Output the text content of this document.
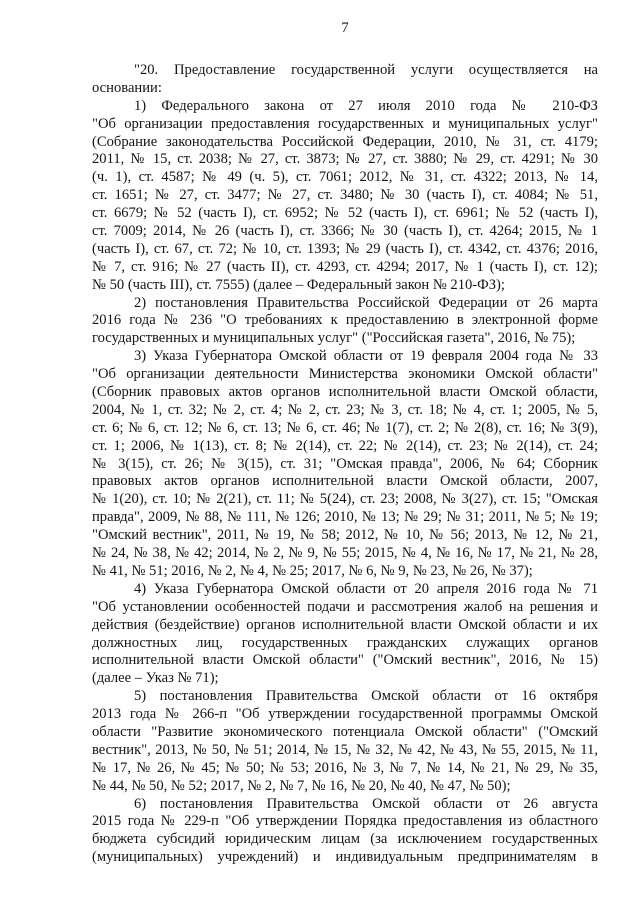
7
"20. Предоставление государственной услуги осуществляется на
основании:
1) Федерального закона от 27 июля 2010 года № 210-ФЗ
"Об организации предоставления государственных и муниципальных услуг"
(Собрание законодательства Российской Федерации, 2010, № 31, ст. 4179;
2011, № 15, ст. 2038; № 27, ст. 3873; № 27, ст. 3880; № 29, ст. 4291; № 30
(ч. 1), ст. 4587; № 49 (ч. 5), ст. 7061; 2012, № 31, ст. 4322; 2013, № 14,
ст. 1651; № 27, ст. 3477; № 27, ст. 3480; № 30 (часть I), ст. 4084; № 51,
ст. 6679; № 52 (часть I), ст. 6952; № 52 (часть I), ст. 6961; № 52 (часть I),
ст. 7009; 2014, № 26 (часть I), ст. 3366; № 30 (часть I), ст. 4264; 2015, № 1
(часть I), ст. 67, ст. 72; № 10, ст. 1393; № 29 (часть I), ст. 4342, ст. 4376; 2016,
№ 7, ст. 916; № 27 (часть II), ст. 4293, ст. 4294; 2017, № 1 (часть I), ст. 12);
№ 50 (часть III), ст. 7555) (далее – Федеральный закон № 210-ФЗ);
2) постановления Правительства Российской Федерации от 26 марта
2016 года № 236 "О требованиях к предоставлению в электронной форме
государственных и муниципальных услуг" ("Российская газета", 2016, № 75);
3) Указа Губернатора Омской области от 19 февраля 2004 года № 33
"Об организации деятельности Министерства экономики Омской области"
(Сборник правовых актов органов исполнительной власти Омской области,
2004, № 1, ст. 32; № 2, ст. 4; № 2, ст. 23; № 3, ст. 18; № 4, ст. 1; 2005, № 5,
ст. 6; № 6, ст. 12; № 6, ст. 13; № 6, ст. 46; № 1(7), ст. 2; № 2(8), ст. 16; № 3(9),
ст. 1; 2006, № 1(13), ст. 8; № 2(14), ст. 22; № 2(14), ст. 23; № 2(14), ст. 24;
№ 3(15), ст. 26; № 3(15), ст. 31; "Омская правда", 2006, № 64; Сборник
правовых актов органов исполнительной власти Омской области, 2007,
№ 1(20), ст. 10; № 2(21), ст. 11; № 5(24), ст. 23; 2008, № 3(27), ст. 15; "Омская
правда", 2009, № 88, № 111, № 126; 2010, № 13; № 29; № 31; 2011, № 5; № 19;
"Омский вестник", 2011, № 19, № 58; 2012, № 10, № 56; 2013, № 12, № 21,
№ 24, № 38, № 42; 2014, № 2, № 9, № 55; 2015, № 4, № 16, № 17, № 21, № 28,
№ 41, № 51; 2016, № 2, № 4, № 25; 2017, № 6, № 9, № 23, № 26, № 37);
4) Указа Губернатора Омской области от 20 апреля 2016 года № 71
"Об установлении особенностей подачи и рассмотрения жалоб на решения и
действия (бездействие) органов исполнительной власти Омской области и их
должностных лиц, государственных гражданских служащих органов
исполнительной власти Омской области" ("Омский вестник", 2016, № 15)
(далее – Указ № 71);
5) постановления Правительства Омской области от 16 октября
2013 года № 266-п "Об утверждении государственной программы Омской
области "Развитие экономического потенциала Омской области" ("Омский
вестник", 2013, № 50, № 51; 2014, № 15, № 32, № 42, № 43, № 55, 2015, № 11,
№ 17, № 26, № 45; № 50; № 53; 2016, № 3, № 7, № 14, № 21, № 29, № 35,
№ 44, № 50, № 52; 2017, № 2, № 7, № 16, № 20, № 40, № 47, № 50);
6) постановления Правительства Омской области от 26 августа
2015 года № 229-п "Об утверждении Порядка предоставления из областного
бюджета субсидий юридическим лицам (за исключением государственных
(муниципальных) учреждений) и индивидуальным предпринимателям в
